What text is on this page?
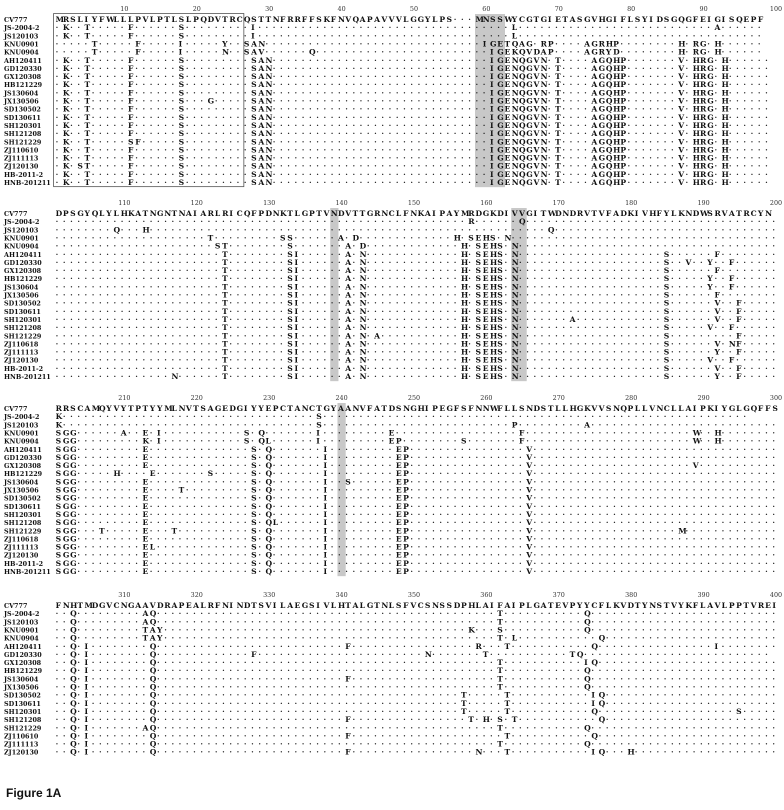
10	20	30	40	50	60	70	80	90	100
CV777	MRS L I Y F WL L L P VL P T L S L P QDVT RCQS T T NF RRF F S KF NVQAP AVVVL GGY L P S · · · MNS S WY CGT GI ET AS GVHGI F L S Y I DS GQGF EI GI S QEP F
JS-2004-2 · K· · T · · · · · F · · · · · · S · · · · · · · · · I · · · · · · · · · · · · · · · · · · · · · · · · · · · · · · · · · · · L · · · · · · · · · · · · · · · · · · · · · · · · · · · A· · · · · ·
JS120103 · K· · T · · · · · F · · · · · · S · · · · · · · · · I · · · · · · · · · · · · · · · · · · · · · · · · · · · · · · · · · · · L · · · · · · · · · · · · · · · · · · · · · · · · · · · · · · · · · ·
KNU0901 · · · · · T · · · · · F · · · · · I · · · · · Y · · S AN· · · · · · · · · · · · · · · · · · · · · · · · · · · · · · I GET QAG· RP · · · · AGRHP · · · · · · · · H· RG· H· · · · · ·
KNU0904 · · · · · T · · · · · F · · · · · I · · · · · N· · S AV· · · · · · Q· · · · · · · · · · · · · · · · · · · · · · · · I GEKQVDAP · · · · AGRY D· · · · · · · · H· RG· H· · · · · ·
AH120411 · K· · T · · · · · F · · · · · · S · · · · · · · · · S AN· · · · · · · · · · · · · · · · · · · · · · · · · · · · · · I GENQGVN· T · · · · AGQHP · · · · · · · V· HRG· H· · · · · ·
GD120330 · K· · T · · · · · F · · · · · · S · · · · · · · · · S AN· · · · · · · · · · · · · · · · · · · · · · · · · · · · · · I GENQGVN· T · · · · AGQHP · · · · · · · V· HRG· H· · · · · ·
GX120308 · K· · T · · · · · F · · · · · · S · · · · · · · · · S AN· · · · · · · · · · · · · · · · · · · · · · · · · · · · · · I GENQGVN· T · · · · AGQHP · · · · · · · V· HRG· H· · · · · ·
HB121229 · K· · T · · · · · F · · · · · · S · · · · · · · · · S AN· · · · · · · · · · · · · · · · · · · · · · · · · · · · · · I GENQGVN· T · · · · AGQHP · · · · · · · V· HRG· H· · · · · ·
JS130604 · K· · T · · · · · F · · · · · · S · · · · · · · · · S AN· · · · · · · · · · · · · · · · · · · · · · · · · · · · · · I GENQGVN· T · · · · AGQHP · · · · · · · V· HRG· H· · · · · ·
JX130506 · K· · T · · · · · F · · · · · · S · · · G· · · · · S AN· · · · · · · · · · · · · · · · · · · · · · · · · · · · · · I GENQGVN· T · · · · AGQHP · · · · · · · V· HRG· H· · · · · ·
SD130502 · K· · T · · · · · F · · · · · · S · · · · · · · · · S AN· · · · · · · · · · · · · · · · · · · · · · · · · · · · · · I GENQGVN· T · · · · AGQHP · · · · · · · V· HRG· H· · · · · ·
SD130611 · K· · T · · · · · F · · · · · · S · · · · · · · · · S AN· · · · · · · · · · · · · · · · · · · · · · · · · · · · · · I GENQGVN· T · · · · AGQHP · · · · · · · V· HRG· H· · · · · ·
SH120301 · K· · T · · · · · F · · · · · · S · · · · · · · · · S AN· · · · · · · · · · · · · · · · · · · · · · · · · · · · · · I GENQGVN· T · · · · AGQHP · · · · · · · V· HRG· H· · · · · ·
SH121208 · K· · T · · · · · F · · · · · · S · · · · · · · · · S AN· · · · · · · · · · · · · · · · · · · · · · · · · · · · · · I GENQGVN· T · · · · AGQHP · · · · · · · V· HRG· H· · · · · ·
SH121229 · K· · T · · · · · S F · · · · · S · · · · · · · · · S AN· · · · · · · · · · · · · · · · · · · · · · · · · · · · · · I GENQGVN· T · · · · AGQHP · · · · · · · V· HRG· H· · · · · ·
ZJ110610 · K· · T · · · · · F · · · · · · S · · · · · · · · · S AN· · · · · · · · · · · · · · · · · · · · · · · · · · · · · · I GENQGVN· T · · · · AGQHP · · · · · · · V· HRG· H· · · · · ·
ZJ111113 · K· · T · · · · · F · · · · · · S · · · · · · · · · S AN· · · · · · · · · · · · · · · · · · · · · · · · · · · · · · I GENQGVN· T · · · · AGQHP · · · · · · · V· HRG· H· · · · · ·
ZJ120130 · K· S T · · · · · F · · · · · · S · · · · · · · · · S AN· · · · · · · · · · · · · · · · · · · · · · · · · · · · · · I GENQGVN· T · · · · AGQHP · · · · · · · V· HRG· H· · · · · ·
HB-2011-2 · K· · T · · · · · F · · · · · · S · · · · · · · · · S AN· · · · · · · · · · · · · · · · · · · · · · · · · · · · · · I GENQGVN· T · · · · AGQHP · · · · · · · V· HRG· H· · · · · ·
HNB-201211 · K· · T · · · · · F · · · · · · S · · · · · · · · · S AN· · · · · · · · · · · · · · · · · · · · · · · · · · · · · · I GENQGVN· T · · · · AGQHP · · · · · · · V· HRG· H· · · · · ·
110	120	130	140	150	160	170	180	190	200
CV777	DP S GY QL Y L HKAT NGNT NAI ARL RI CQF P DNKT L GP T VNDVT T GRNCL F NKAI P AY MRDGKDI VVGI T WDNDRVT VF ADKI VHF Y L KNDWS RVAT RCY N
JS-2004-2 · · · · · · · · · · · · · · · · · · · · · · · · · · · · · · · · · · · · · · · · · · · · · · · · · · · · · · · · · R· · · · · · Q· · · · · · · · · · · · · · · · · · · · · · · · · · · · · · · · · · ·
JS120103 · · · · · · · · Q· · · H· · · · · · · · · · · · · · · · · · · · · · · · · · · · · · · · · · · · · · · · · · · · · · · · · · · · · · · Q· · · · · · · · · · · · · · · · · · · · · · · · · · · · · · ·
KNU0901 · · · · · · · · · · · · · · · · · · · · · T · · · · · · · · · S S · · · · · · A· D· · · · · · · · · · · · · H· S EHS · N· · · · · · · · · · · · · · · · · · · · · · · · · · · · · · · · · · · · ·
KNU0904 · · · · · · · · · · · · · · · · · · · · · · S T · · · · · · · · S · · · · · · · A· D· · · · · · · · · · · · · H· S EHS · N· · · · · · · · · · · · · · · · · · · · · · · · · · · · · · · · · · · ·
AH120411 · · · · · · · · · · · · · · · · · · · · · · · T · · · · · · · · S I · · · · · · A· N· · · · · · · · · · · · · H· S EHS · N· · · · · · · · · · · · · · · · · · · · S · · · · · · F · · · · · · · ·
GD120330 · · · · · · · · · · · · · · · · · · · · · · · T · · · · · · · · S I · · · · · · A· N· · · · · · · · · · · · · H· S EHS · N· · · · · · · · · · · · · · · · · · · · S · · V· · Y · · F · · · · · ·
GX120308 · · · · · · · · · · · · · · · · · · · · · · · T · · · · · · · · S I · · · · · · A· N· · · · · · · · · · · · · H· S EHS · N· · · · · · · · · · · · · · · · · · · · S · · · · · · F · · · · · · · ·
HB121229 · · · · · · · · · · · · · · · · · · · · · · · T · · · · · · · · S I · · · · · · A· N· · · · · · · · · · · · · H· S EHS · N· · · · · · · · · · · · · · · · · · · · S · · · · · Y · · F · · · · · ·
JS130604 · · · · · · · · · · · · · · · · · · · · · · · T · · · · · · · · S I · · · · · · A· N· · · · · · · · · · · · · H· S EHS · N· · · · · · · · · · · · · · · · · · · · S · · · · · Y · · F · · · · · ·
JX130506 · · · · · · · · · · · · · · · · · · · · · · · T · · · · · · · · S I · · · · · · A· N· · · · · · · · · · · · · H· S EHS · N· · · · · · · · · · · · · · · · · · · · S · · · · · · F · · · · · · · ·
SD130502 · · · · · · · · · · · · · · · · · · · · · · · T · · · · · · · · S I · · · · · · A· N· · · · · · · · · · · · · H· S EHS · N· · · · · · · · · · · · · · · · · · · · S · · · · · · V· · F · · · · ·
SD130611 · · · · · · · · · · · · · · · · · · · · · · · T · · · · · · · · S I · · · · · · A· N· · · · · · · · · · · · · H· S EHS · N· · · · · · · · · · · · · · · · · · · · S · · · · · · V· · F · · · · ·
SH120301 · · · · · · · · · · · · · · · · · · · · · · · T · · · · · · · · S I · · · · · · A· N· · · · · · · · · · · · · H· S EHS · N· · · · · · · A· · · · · · · · · · · · S · · · · · · V· · F · · · · ·
SH121208 · · · · · · · · · · · · · · · · · · · · · · · T · · · · · · · · S I · · · · · · A· N· · · · · · · · · · · · · H· S EHS · N· · · · · · · · · · · · · · · · · · · · S · · · · · V· · F · · · · · ·
SH121229 · · · · · · · · · · · · · · · · · · · · · · · T · · · · · · · · S I · · · · · · A· N· A· · · · · · · · · · · H· S EHS · N· · · · · · · · · · · · · · · · · · · · S · · · · · · · · · F · · · · ·
ZJ110618 · · · · · · · · · · · · · · · · · · · · · · · T · · · · · · · · S I · · · · · · A· N· · · · · · · · · · · · · H· S EHS · N· · · · · · · · · · · · · · · · · · · · S · · · · · · V· NF · · · · ·
ZJ111113 · · · · · · · · · · · · · · · · · · · · · · · T · · · · · · · · S I · · · · · · A· N· · · · · · · · · · · · · H· S EHS · N· · · · · · · · · · · · · · · · · · · · S · · · · · · Y · · F · · · · ·
ZJ120130 · · · · · · · · · · · · · · · · · · · · · · · T · · · · · · · · S I · · · · · · A· N· · · · · · · · · · · · · H· S EHS · N· · · · · · · · · · · · · · · · · · · · S · · · · · V· · F · · · · · ·
HB-2011-2 · · · · · · · · · · · · · · · · · · · · · · · T · · · · · · · · S I · · · · · · A· N· · · · · · · · · · · · · H· S EHS · N· · · · · · · · · · · · · · · · · · · · S · · · · · · V· · F · · · · ·
HNB-201211 · · · · · · · · · · · · · · · · N· · · · · · T · · · · · · · · S I · · · · · · A· N· · · · · · · · · · · · · H· S EHS · N· · · · · · · · · · · · · · · · · · · · S · · · · · · Y · · F · · · · ·
210	220	230	240	250	260	270	280	290	300
CV777	RRS CAMQY VY T P T Y Y ML NVT S AGEDGI Y Y EP CT ANCT GY AANVF AT DS NGHI P EGF S F NNWF L L S NDS T L L HGKVVS NQP L L VNCL L AI P KI Y GL GQF F S
JS-2004-2 K· · · · · · · · · · · · · · · · · · · · · · · · · · · · · · · · · · · S · · · · · · · · · · · · · · · · · · · · · · · · · · · · · · · · · · · · · · · · · · · · · · · · · · · · · · · · · · ·
JS120103 K· · · · · · · · · · · · · · · · · · · · · · · · · · · · · · · · · · · S · · · · · · · · · · · · · · · · · · · · · · · · · · P · · · · · · · · · A· · · · · · · · · · · · · · · · · · · · · · · · · ·
KNU0901 S GG· · · · · · A· · E· I · · · · · · · · · · · S · Q· · · · · · · I · · · · · · · · · E· · · · · · · · · · · · · · · · · F · · · · · · · · · · · · · · · · · · · · · · · W· · H· · · · · · · ·
KNU0904 S GG· · · · · · · · · K· I · · · · · · · · · · · S · QL · · · · · · I · · · · · · · · · EP · · · · · · · · S · · · · · · · F · · · · · · · · · · · · · · · · · · · · · · · W· · H· · · · · · · ·
AH120411 S GG· · · · · · · · · E· · · · · · · · · · · · · · S · Q· · · · · · · I · · · · · · · · · EP · · · · · · · · · · · · · · · · V· · · · · · · · · · · · · · · · · · · · · · · · · · · · · · · · · ·
GD120330 S GG· · · · · · · · · E· · · · · · · · · · · · · · S · Q· · · · · · · I · · · · · · · · · EP · · · · · · · · · · · · · · · · V· · · · · · · · · · · · · · · · · · · · · · · · · · · · · · · · · ·
GX120308 S GG· · · · · · · · · E· · · · · · · · · · · · · · S · Q· · · · · · · I · · · · · · · · · EP · · · · · · · · · · · · · · · · V· · · · · · · · · · · · · · · · · · · · · · V· · · · · · · · · · ·
HB121229 S GG· · · · · H· · · · E· · · · · · · S · · · · · S · Q· · · · · · · I · · · · · · · · · EP · · · · · · · · · · · · · · · · V· · · · · · · · · · · · · · · · · · · · · · · · · · · · · · · · · ·
JS130604 S GG· · · · · · · · · E· · · · · · · · · · · · · · S · Q· · · · · · · I · · S · · · · · · EP · · · · · · · · · · · · · · · · V· · · · · · · · · · · · · · · · · · · · · · · · · · · · · · · · · ·
JX130506 S GG· · · · · · · · · E· · · · T · · · · · · · · · S · Q· · · · · · · I · · · · · · · · · EP · · · · · · · · · · · · · · · · V· · · · · · · · · · · · · · · · · · · · · · · · · · · · · · · · · ·
SD130502 S GG· · · · · · · · · E· · · · · · · · · · · · · · S · Q· · · · · · · I · · · · · · · · · EP · · · · · · · · · · · · · · · · V· · · · · · · · · · · · · · · · · · · · · · · · · · · · · · · · · ·
SD130611 S GG· · · · · · · · · E· · · · · · · · · · · · · · S · Q· · · · · · · I · · · · · · · · · EP · · · · · · · · · · · · · · · · V· · · · · · · · · · · · · · · · · · · · · · · · · · · · · · · · · ·
SH120301 S GG· · · · · · · · · E· · · · · · · · · · · · · · S · Q· · · · · · · I · · · · · · · · · EP · · · · · · · · · · · · · · · · V· · · · · · · · · · · · · · · · · · · · · · · · · · · · · · · · · ·
SH121208 S GG· · · · · · · · · E· · · · · · · · · · · · · · S · QL · · · · · · I · · · · · · · · · EP · · · · · · · · · · · · · · · · V· · · · · · · · · · · · · · · · · · · · · · · · · · · · · · · · · ·
SH121229 S GG· · · T · · · · · E· · · T · · · · · · · · · · S · Q· · · · · · · I · · · · · · · · · EP · · · · · · · · · · · · · · · · V· · · · · · · · · · · · · · · · · · · · M· · · · · · · · · · · · ·
ZJ110618 S GG· · · · · · · · · E· · · · · · · · · · · · · · S · Q· · · · · · · I · · · · · · · · · EP · · · · · · · · · · · · · · · · V· · · · · · · · · · · · · · · · · · · · · · · · · · · · · · · · · ·
ZJ111113 S GG· · · · · · · · · EL · · · · · · · · · · · · · S · Q· · · · · · · I · · · · · · · · · EP · · · · · · · · · · · · · · · · V· · · · · · · · · · · · · · · · · · · · · · · · · · · · · · · · · ·
ZJ120130 S GG· · · · · · · · · E· · · · · · · · · · · · · · S · Q· · · · · · · I · · · · · · · · · EP · · · · · · · · · · · · · · · · V· · · · · · · · · · · · · · · · · · · · · · · · · · · · · · · · · ·
HB-2011-2 S GG· · · · · · · · · E· · · · · · · · · · · · · · S · Q· · · · · · · I · · · · · · · · · EP · · · · · · · · · · · · · · · · V· · · · · · · · · · · · · · · · · · · · · · · · · · · · · · · · · ·
HNB-201211 S GG· · · · · · · · · E· · · · · · · · · · · · · · S · Q· · · · · · · I · · · · · · · · · EP · · · · · · · · · · · · · · · · V· · · · · · · · · · · · · · · · · · · · · · · · · · · · · · · · · ·
310	320	330	340	350	360	370	380	390	400
CV777	F NHT MDGVCNGAAVDRAP EAL RF NI NDT S VI L AEGS I VL HT AL GT NL S F VCS NS S DP HL AI F AI P L GAT EVP Y Y CF L KVDT Y NS T VY KF L AVL P P T VREI
JS-2004-2 · · Q· · · · · · · · · AQ· · · · · · · · · · · · · · · · · · · · · · · · · · · · · · · · · · · · · · · · · · · · · · · T · · · · · · · · · · · Q· · · · · · · · · · · · · · · · · · · · · · · · · ·
JS120103 · · Q· · · · · · · · · AQ· · · · · · · · · · · · · · · · · · · · · · · · · · · · · · · · · · · · · · · · · · · · · · · T · · · · · · · · · · · Q· · · · · · · · · · · · · · · · · · · · · · · · · ·
KNU0901 · · Q· · · · · · · · · T AY · · · · · · · · · · · · · · · · · · · · · · · · · · · · · · · · · · · · · · · · · · K· · · S · · · · · · · · · · · Q· · · · · · · · · · · · · · · · · · · · · · · · · ·
KNU0904 · · Q· · · · · · · · · T AY · · · · · · · · · · · · · · · · · · · · · · · · · · · · · · · · · · · · · · · · · · · · · · T · L · · · · · · · · · · · Q· · · · · · · · · · · · · · · · · · · · · · · ·
AH120411 · · Q· I · · · · · · · · Q· · · · · · · · · · · · · · · · · · · · · · · · · · F · · · · · · · · · · · · · · · · · R· · · T · · · · · · · · · · · Q· · · · · · · · · · · · · · · · I · · · · · · · ·
GD120330 · · Q· I · · · · · · · · Q· · · · · · · · · · · · · F · · · · · · · · · · · · · · · · · · · · · · · N· · · · · · · T · · · · · · · · · · · T Q· · · · · · · · · · · · · · · · · · · · · · · · · ·
GX120308 · · Q· I · · · · · · · · Q· · · · · · · · · · · · · · · · · · · · · · · · · · · · · · · · · · · · · · · · · · · · · · · T · · · · · · · · · · · I Q· · · · · · · · · · · · · · · · · · · · · · · · ·
HB121229 · · Q· I · · · · · · · · Q· · · · · · · · · · · · · · · · · · · · · · · · · · · · · · · · · · · · · · · · · · · · · · · T · · · · · · · · · · · Q· · · · · · · · · · · · · · · · · · · · · · · · · ·
JS130604 · · Q· I · · · · · · · · Q· · · · · · · · · · · · · · · · · · · · · · · · · · F · · · · · · · · · · · · · · · · · · · · T · · · · · · · · · · · Q· · · · · · · · · · · · · · · · · · · · · · · · · ·
JX130506 · · Q· I · · · · · · · · Q· · · · · · · · · · · · · · · · · · · · · · · · · · · · · · · · · · · · · · · · · · · · · · · T · · · · · · · · · · · Q· · · · · · · · · · · · · · · · · · · · · · · · · ·
SD130502 · · Q· I · · · · · · · · Q· · · · · · · · · · · · · · · · · · · · · · · · · · · · · · · · · · · · · · · · · · T · · · · · T · · · · · · · · · · · I Q· · · · · · · · · · · · · · · · · · · · · · · ·
SD130611 · · Q· I · · · · · · · · Q· · · · · · · · · · · · · · · · · · · · · · · · · · · · · · · · · · · · · · · · · · T · · · · · T · · · · · · · · · · · I Q· · · · · · · · · · · · · · · · · · · · · · · ·
SH120301 · · Q· I · · · · · · · · Q· · · · · · · · · · · · · · · · · · · · · · · · · · · · · · · · · · · · · · · · · · T · · · · · T · · · · · · · · · · · Q· · · · · · · · · · · · · · · · · · · S · · · · ·
SH121208 · · Q· I · · · · · · · · Q· · · · · · · · · · · · · · · · · · · · · · · · · · F · · · · · · · · · · · · · · · · T · H· S · T · · · · · · · · · · · Q· · · · · · · · · · · · · · · · · · · · · · · ·
SH121229 · · Q· I · · · · · · · AQ· · · · · · · · · · · · · · · · · · · · · · · · · · · · · · · · · · · · · · · · · · · · · · · T · · · · · · · · · · · Q· · · · · · · · · · · · · · · · · · · · · · · · · ·
ZJ110610 · · Q· I · · · · · · · · Q· · · · · · · · · · · · · · · · · · · · · · · · · · F · · · · · · · · · · · · · · · · · · · · · T · · · · · · · · · · · Q· · · · · · · · · · · · · · · · · · · · · · · · ·
ZJ111113 · · Q· I · · · · · · · · Q· · · · · · · · · · · · · · · · · · · · · · · · · · · · · · · · · · · · · · · · · · · · · · · T · · · · · · · · · · · Q· · · · · · · · · · · · · · · · · · · · · · · · · ·
ZJ120130 · · Q· I · · · · · · · · Q· · · · · · · · · · · · · · · · · · · · · · · · · · F · · · · · · · · · · · · · · · · · N· · · T · · · · · · · · · · · I Q· · · H· · · · · · · · · · · · · · · · · · · ·
Figure 1A
